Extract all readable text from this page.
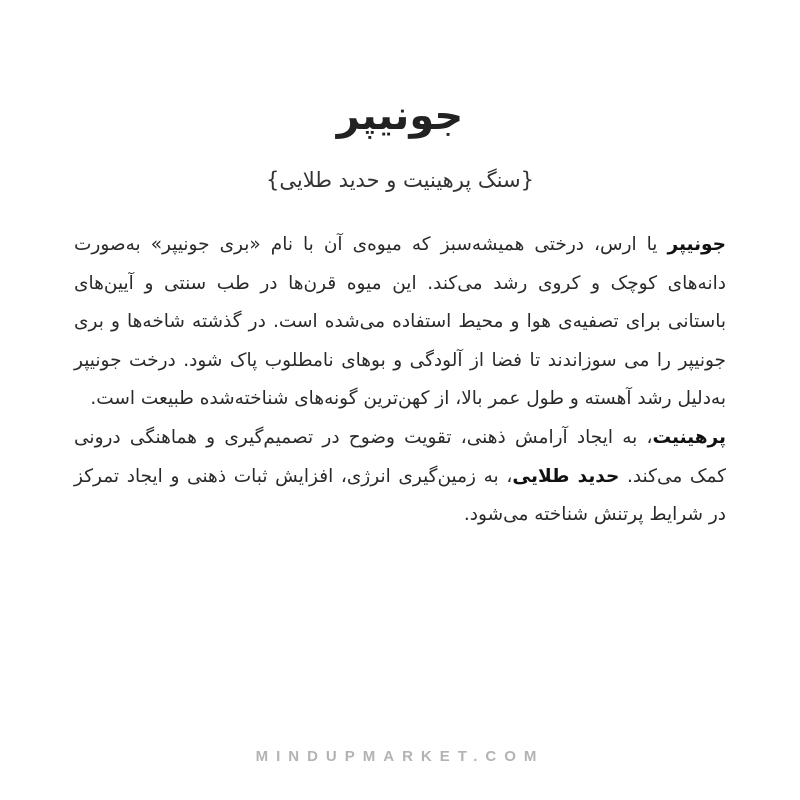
جونیپر

{سنگ پرهینیت و حدید طلایی}

جونیپر یا ارس، درختی همیشه‌سبز که میوه‌ی آن با نام «بری جونیپر» به‌صورت دانه‌های کوچک و کروی رشد می‌کند. این میوه قرن‌ها در طب سنتی و آیین‌های باستانی برای تصفیه‌ی هوا و محیط استفاده می‌شده است. در گذشته شاخه‌ها و بری جونیپر را می سوزاندند تا فضا از آلودگی و بوهای نامطلوب پاک شود. درخت جونیپر به‌دلیل رشد آهسته و طول عمر بالا، از کهن‌ترین گونه‌های شناخته‌شده طبیعت است.

پرهینیت، به ایجاد آرامش ذهنی، تقویت وضوح در تصمیم‌گیری و هماهنگی درونی کمک می‌کند. حدید طلایی، به زمین‌گیری انرژی، افزایش ثبات ذهنی و ایجاد تمرکز در شرایط پرتنش شناخته می‌شود.

MINDUPMARKET.COM
